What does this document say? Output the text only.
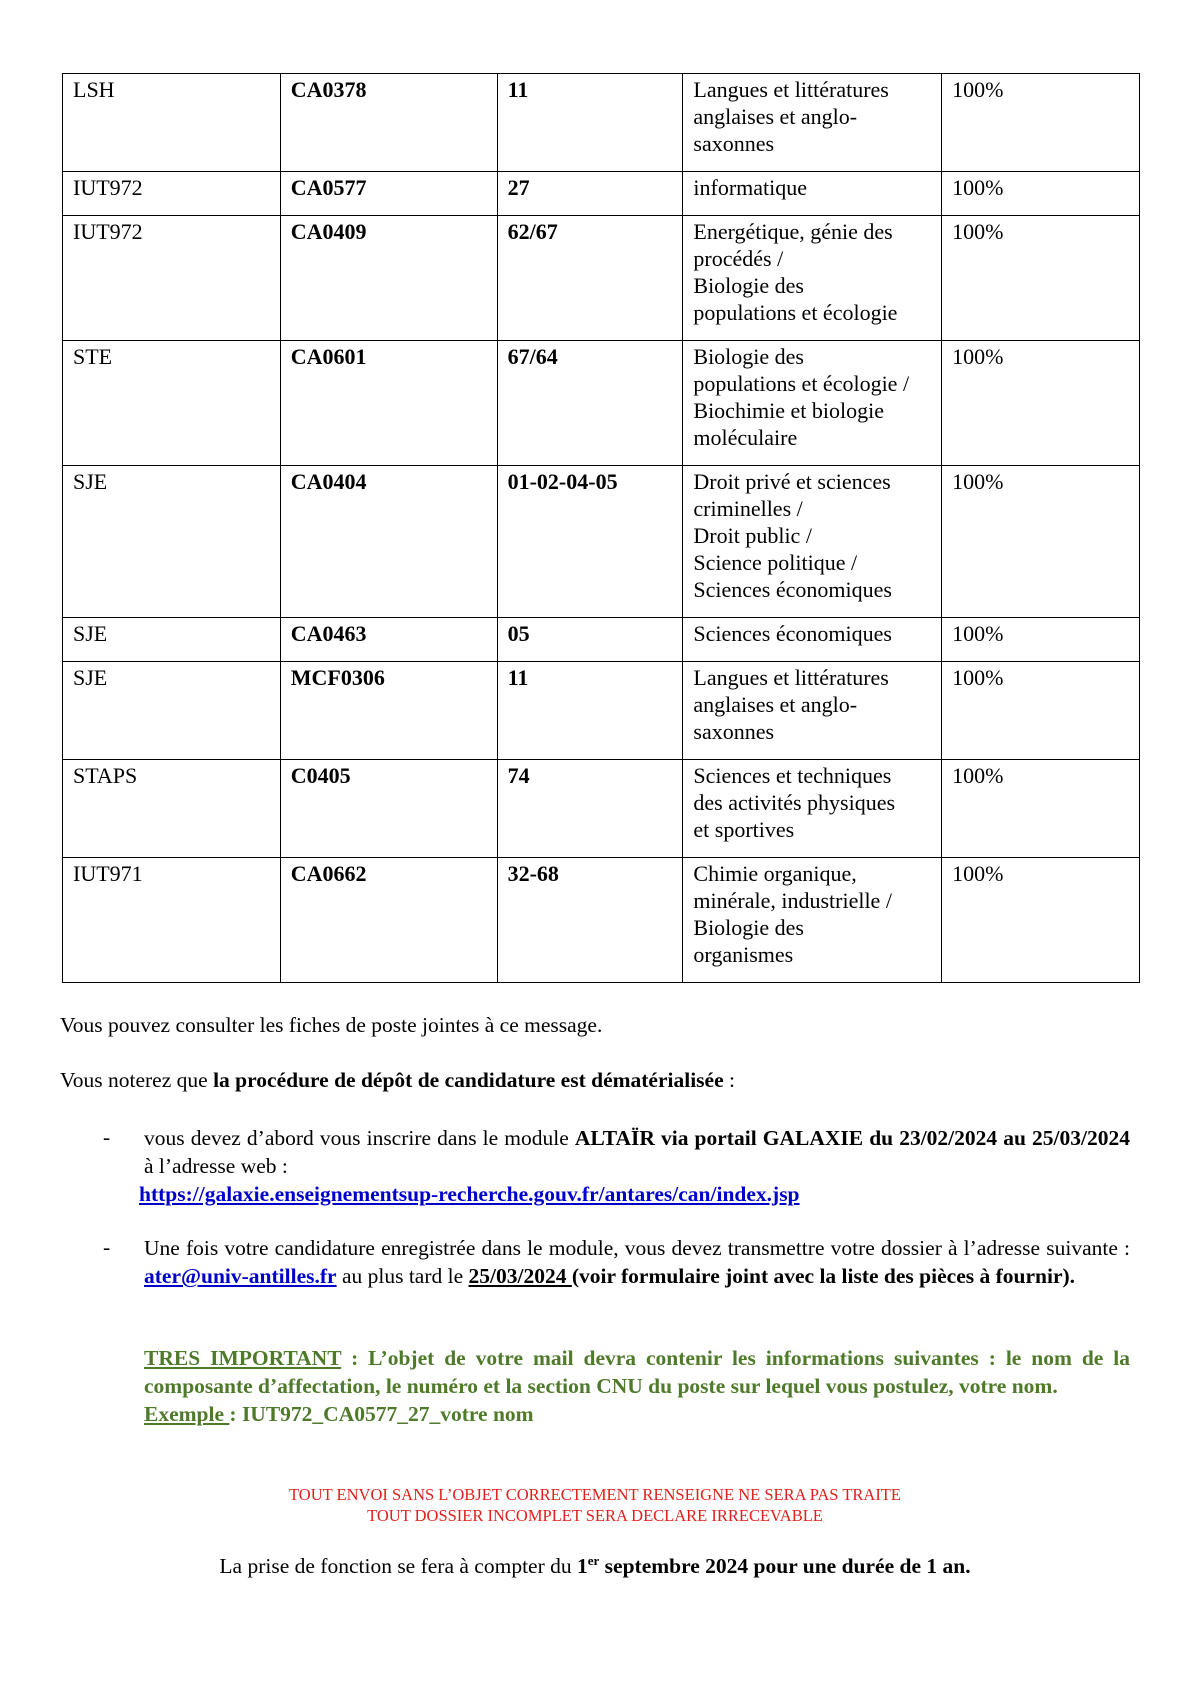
LSH	CA0378	11	Langues et littératures
anglaises et anglo-
saxonnes	100%
IUT972	CA0577	27	informatique	100%
IUT972	CA0409	62/67	Energétique, génie des
procédés /
Biologie des
populations et écologie	100%
STE	CA0601	67/64	Biologie des
populations et écologie /
Biochimie et biologie
moléculaire	100%
SJE	CA0404	01-02-04-05	Droit privé et sciences
criminelles /
Droit public /
Science politique /
Sciences économiques	100%
SJE	CA0463	05	Sciences économiques	100%
SJE	MCF0306	11	Langues et littératures
anglaises et anglo-
saxonnes	100%
STAPS	C0405	74	Sciences et techniques
des activités physiques
et sportives	100%
IUT971	CA0662	32-68	Chimie organique,
minérale, industrielle /
Biologie des
organismes	100%
Vous pouvez consulter les fiches de poste jointes à ce message.
Vous noterez que la procédure de dépôt de candidature est dématérialisée :
- vous devez d’abord vous inscrire dans le module ALTAÏR via portail GALAXIE du 23/02/2024 au 25/03/2024 à l’adresse web :
https://galaxie.enseignementsup-recherche.gouv.fr/antares/can/index.jsp
- Une fois votre candidature enregistrée dans le module, vous devez transmettre votre dossier à l’adresse suivante : ater@univ-antilles.fr au plus tard le 25/03/2024 (voir formulaire joint avec la liste des pièces à fournir).
TRES IMPORTANT : L’objet de votre mail devra contenir les informations suivantes : le nom de la composante d’affectation, le numéro et la section CNU du poste sur lequel vous postulez, votre nom.
Exemple : IUT972_CA0577_27_votre nom
TOUT ENVOI SANS L’OBJET CORRECTEMENT RENSEIGNE NE SERA PAS TRAITE
TOUT DOSSIER INCOMPLET SERA DECLARE IRRECEVABLE
La prise de fonction se fera à compter du 1er septembre 2024 pour une durée de 1 an.
